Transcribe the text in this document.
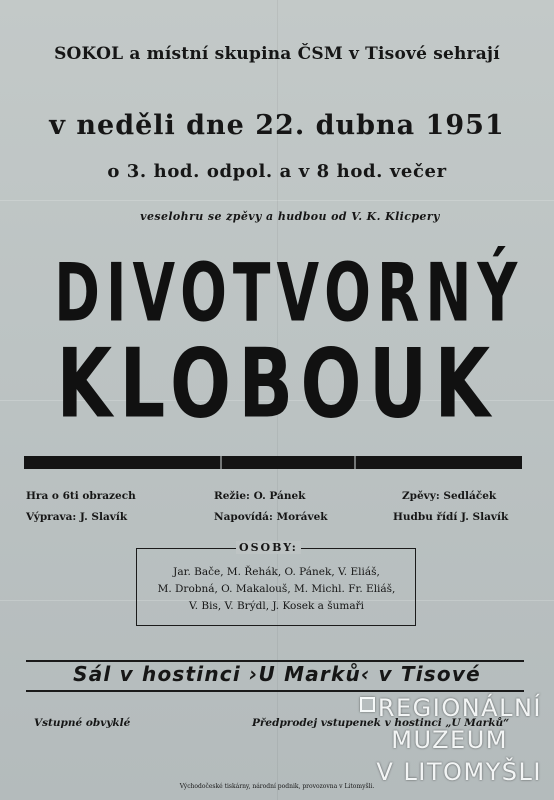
SOKOL a místní skupina ČSM v Tisové sehrají
v neděli dne 22. dubna 1951
o 3. hod. odpol. a v 8 hod. večer
veselohru se zpěvy a hudbou od V. K. Klicpery
DIVOTVORNÝ
KLOBOUK
Hra o 6ti obrazech	Režie: O. Pánek	Zpěvy: Sedláček
Výprava: J. Slavík	Napovídá: Morávek	Hudbu řídí J. Slavík
OSOBY:
Jar. Bače, M. Řehák, O. Pánek, V. Eliáš,
M. Drobná, O. Makalouš, M. Michl. Fr. Eliáš,
V. Bis, V. Brýdl, J. Kosek a šumaři
Sál v hostinci ›U Marků‹ v Tisové
Vstupné obvyklé	Předprodej vstupenek v hostinci „U Marků“
Východočeské tiskárny, národní podnik, provozovna v Litomyšli.
REGIONÁLNÍ
MUZEUM
V LITOMYŠLI
